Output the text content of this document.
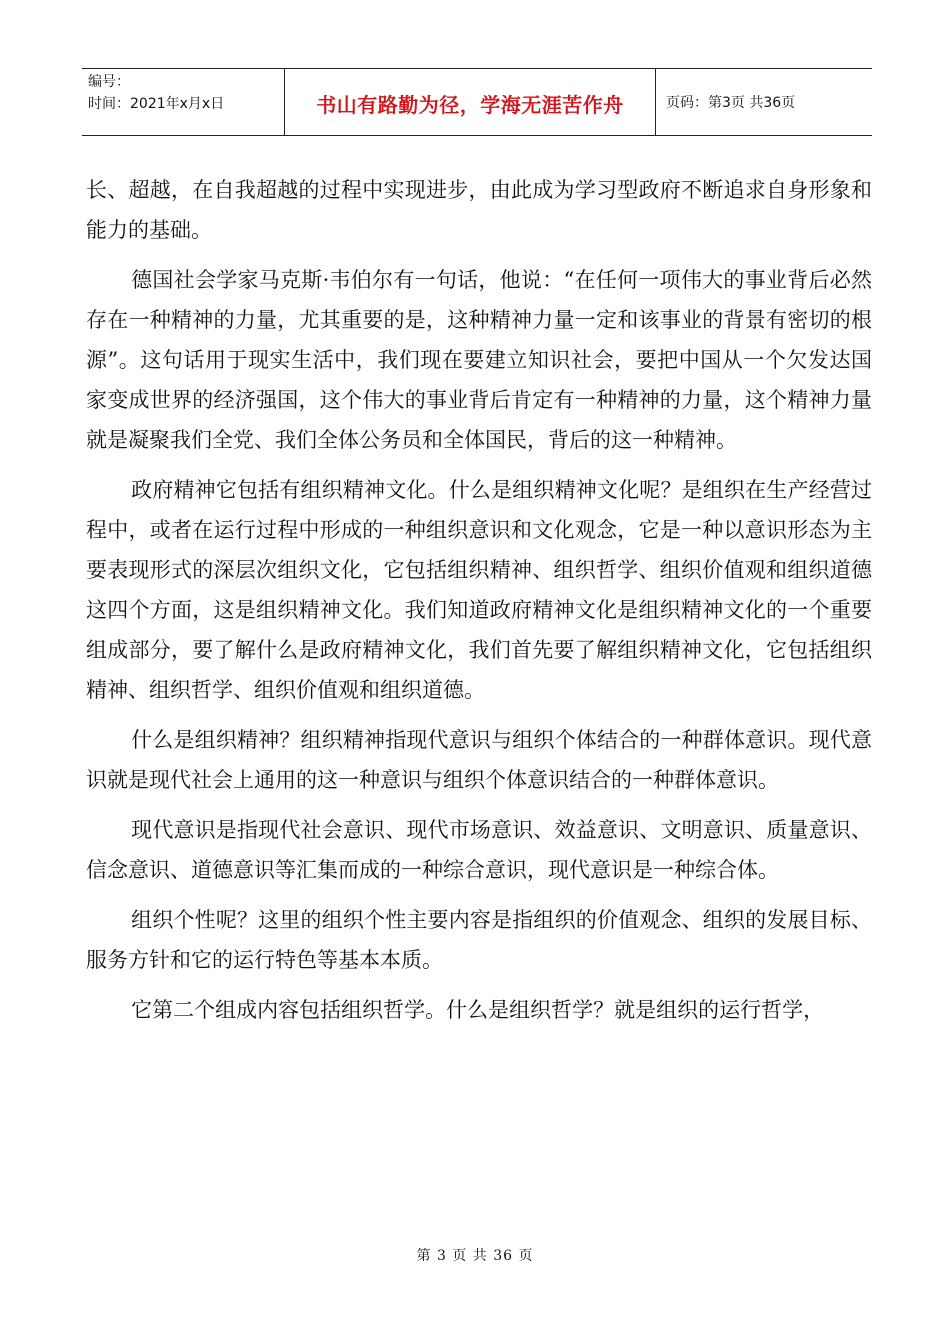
编号：
时间：2021年x月x日	书山有路勤为径，学海无涯苦作舟	页码：第3页 共36页

长、超越，在自我超越的过程中实现进步，由此成为学习型政府不断追求自身形象和能力的基础。

德国社会学家马克斯·韦伯尔有一句话，他说：“在任何一项伟大的事业背后必然存在一种精神的力量，尤其重要的是，这种精神力量一定和该事业的背景有密切的根源”。这句话用于现实生活中，我们现在要建立知识社会，要把中国从一个欠发达国家变成世界的经济强国，这个伟大的事业背后肯定有一种精神的力量，这个精神力量就是凝聚我们全党、我们全体公务员和全体国民，背后的这一种精神。

政府精神它包括有组织精神文化。什么是组织精神文化呢？是组织在生产经营过程中，或者在运行过程中形成的一种组织意识和文化观念，它是一种以意识形态为主要表现形式的深层次组织文化，它包括组织精神、组织哲学、组织价值观和组织道德这四个方面，这是组织精神文化。我们知道政府精神文化是组织精神文化的一个重要组成部分，要了解什么是政府精神文化，我们首先要了解组织精神文化，它包括组织精神、组织哲学、组织价值观和组织道德。

什么是组织精神？组织精神指现代意识与组织个体结合的一种群体意识。现代意识就是现代社会上通用的这一种意识与组织个体意识结合的一种群体意识。

现代意识是指现代社会意识、现代市场意识、效益意识、文明意识、质量意识、信念意识、道德意识等汇集而成的一种综合意识，现代意识是一种综合体。

组织个性呢？这里的组织个性主要内容是指组织的价值观念、组织的发展目标、服务方针和它的运行特色等基本本质。

它第二个组成内容包括组织哲学。什么是组织哲学？就是组织的运行哲学，

第 3 页 共 36 页
